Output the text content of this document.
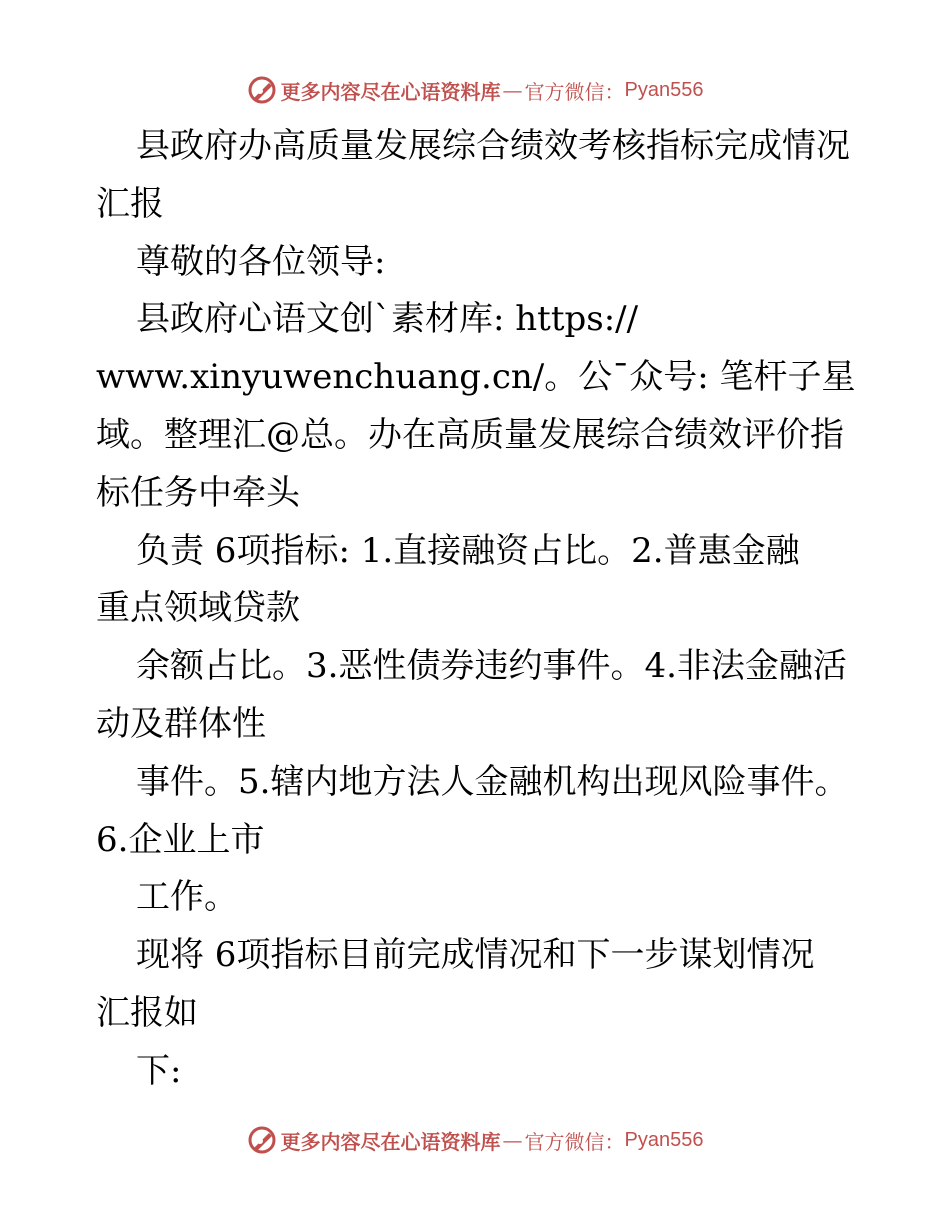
更多内容尽在心语资料库 — 官方微信： Pyan556
县政府办高质量发展综合绩效考核指标完成情况
汇报
尊敬的各位领导:
县政府心语文创`素材库: https://
www.xinyuwenchuang.cn/。公¯众号: 笔杆子星
域。整理汇@总。办在高质量发展综合绩效评价指
标任务中牵头
负责 6项指标: 1.直接融资占比。2.普惠金融
重点领域贷款
余额占比。3.恶性债券违约事件。4.非法金融活
动及群体性
事件。5.辖内地方法人金融机构出现风险事件。
6.企业上市
工作。
现将 6项指标目前完成情况和下一步谋划情况
汇报如
下:
更多内容尽在心语资料库 — 官方微信： Pyan556
